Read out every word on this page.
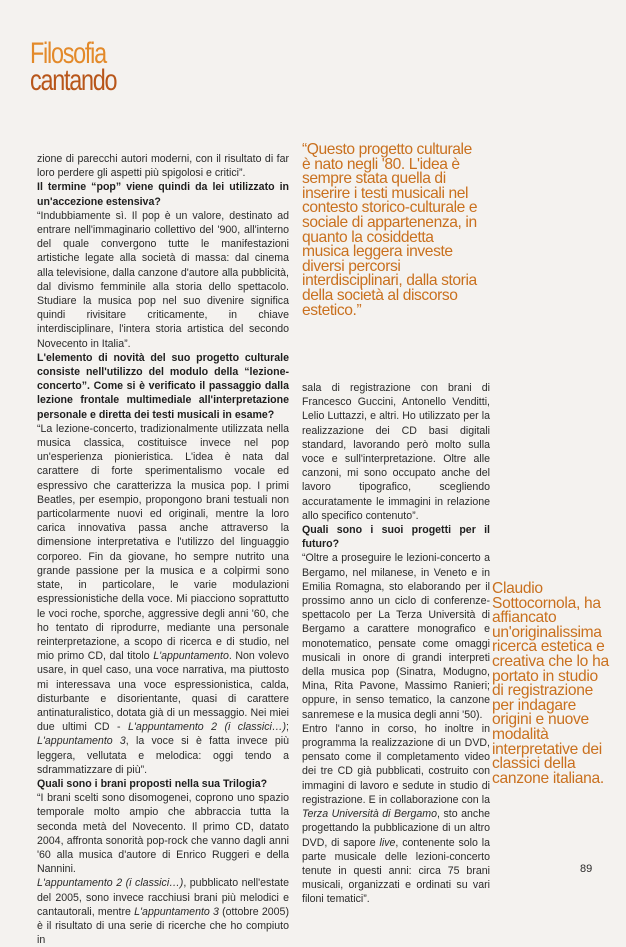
Filosofia
cantando

zione di parecchi autori moderni, con il risultato di far loro perdere gli aspetti più spigolosi e critici”.

Il termine “pop” viene quindi da lei utilizzato in un'accezione estensiva?

“Indubbiamente sì. Il pop è un valore, destinato ad entrare nell'immaginario collettivo del '900, all'interno del quale convergono tutte le manifestazioni artistiche legate alla società di massa: dal cinema alla televisione, dalla canzone d'autore alla pubblicità, dal divismo femminile alla storia dello spettacolo. Studiare la musica pop nel suo divenire significa quindi rivisitare criticamente, in chiave interdisciplinare, l'intera storia artistica del secondo Novecento in Italia”.

L'elemento di novità del suo progetto culturale consiste nell'utilizzo del modulo della “lezione-concerto”. Come si è verificato il passaggio dalla lezione frontale multimediale all'interpretazione personale e diretta dei testi musicali in esame?

“La lezione-concerto, tradizionalmente utilizzata nella musica classica, costituisce invece nel pop un'esperienza pionieristica. L'idea è nata dal carattere di forte sperimentalismo vocale ed espressivo che caratterizza la musica pop. I primi Beatles, per esempio, propongono brani testuali non particolarmente nuovi ed originali, mentre la loro carica innovativa passa anche attraverso la dimensione interpretativa e l'utilizzo del linguaggio corporeo. Fin da giovane, ho sempre nutrito una grande passione per la musica e a colpirmi sono state, in particolare, le varie modulazioni espressionistiche della voce. Mi piacciono soprattutto le voci roche, sporche, aggressive degli anni '60, che ho tentato di riprodurre, mediante una personale reinterpretazione, a scopo di ricerca e di studio, nel mio primo CD, dal titolo L'appuntamento. Non volevo usare, in quel caso, una voce narrativa, ma piuttosto mi interessava una voce espressionistica, calda, disturbante e disorientante, quasi di carattere antinaturalistico, dotata già di un messaggio. Nei miei due ultimi CD - L'appuntamento 2 (i classici…); L'appuntamento 3, la voce si è fatta invece più leggera, vellutata e melodica: oggi tendo a sdrammatizzare di più”.

Quali sono i brani proposti nella sua Trilogia?

“I brani scelti sono disomogenei, coprono uno spazio temporale molto ampio che abbraccia tutta la seconda metà del Novecento. Il primo CD, datato 2004, affronta sonorità pop-rock che vanno dagli anni '60 alla musica d'autore di Enrico Ruggeri e della Nannini.

L'appuntamento 2 (i classici…), pubblicato nell'estate del 2005, sono invece racchiusi brani più melodici e cantautorali, mentre L'appuntamento 3 (ottobre 2005) è il risultato di una serie di ricerche che ho compiuto in

“Questo progetto culturale è nato negli '80. L'idea è sempre stata quella di inserire i testi musicali nel contesto storico-culturale e sociale di appartenenza, in quanto la cosiddetta musica leggera investe diversi percorsi interdisciplinari, dalla storia della società al discorso estetico.”

sala di registrazione con brani di Francesco Guccini, Antonello Venditti, Lelio Luttazzi, e altri. Ho utilizzato per la realizzazione dei CD basi digitali standard, lavorando però molto sulla voce e sull'interpretazione. Oltre alle canzoni, mi sono occupato anche del lavoro tipografico, scegliendo accuratamente le immagini in relazione allo specifico contenuto”.

Quali sono i suoi progetti per il futuro?

“Oltre a proseguire le lezioni-concerto a Bergamo, nel milanese, in Veneto e in Emilia Romagna, sto elaborando per il prossimo anno un ciclo di conferenze-spettacolo per La Terza Università di Bergamo a carattere monografico e monotematico, pensate come omaggi musicali in onore di grandi interpreti della musica pop (Sinatra, Modugno, Mina, Rita Pavone, Massimo Ranieri; oppure, in senso tematico, la canzone sanremese e la musica degli anni '50).

Entro l'anno in corso, ho inoltre in programma la realizzazione di un DVD, pensato come il completamento video dei tre CD già pubblicati, costruito con immagini di lavoro e sedute in studio di registrazione. E in collaborazione con la Terza Università di Bergamo, sto anche progettando la pubblicazione di un altro DVD, di sapore live, contenente solo la parte musicale delle lezioni-concerto tenute in questi anni: circa 75 brani musicali, organizzati e ordinati su vari filoni tematici”.

Claudio Sottocornola, ha affiancato un'originalissima ricerca estetica e creativa che lo ha portato in studio di registrazione per indagare origini e nuove modalità interpretative dei classici della canzone italiana.
89
